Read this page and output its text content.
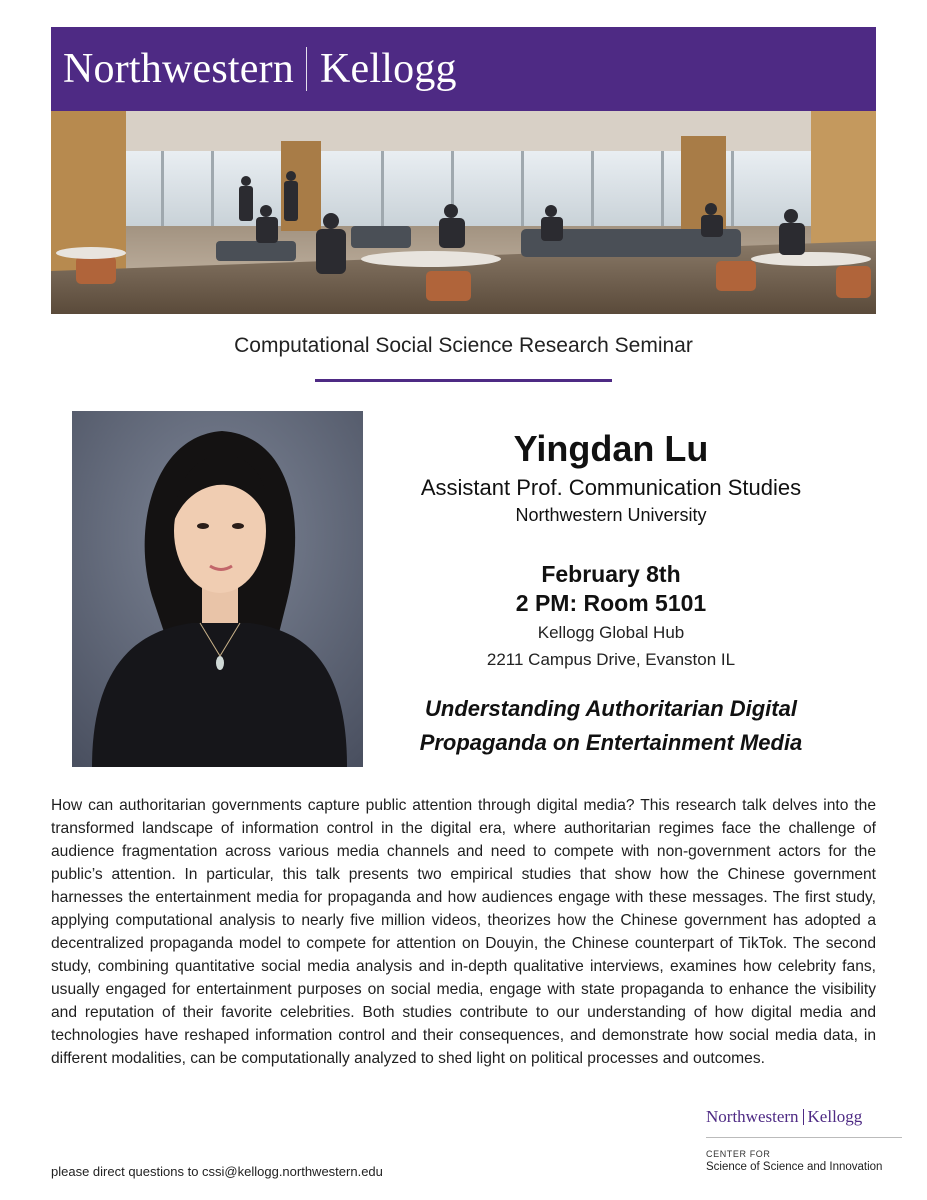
Northwestern Kellogg
Computational Social Science Research Seminar
Yingdan Lu
Assistant Prof. Communication Studies
Northwestern University
February 8th
2 PM: Room 5101
Kellogg Global Hub
2211 Campus Drive, Evanston IL
Understanding Authoritarian Digital
Propaganda on Entertainment Media

How can authoritarian governments capture public attention through digital media? This research talk delves into the transformed landscape of information control in the digital era, where authoritarian regimes face the challenge of audience fragmentation across various media channels and need to compete with non-government actors for the public’s attention. In particular, this talk presents two empirical studies that show how the Chinese government harnesses the entertainment media for propaganda and how audiences engage with these messages. The first study, applying computational analysis to nearly five million videos, theorizes how the Chinese government has adopted a decentralized propaganda model to compete for attention on Douyin, the Chinese counterpart of TikTok. The second study, combining quantitative social media analysis and in-depth qualitative interviews, examines how celebrity fans, usually engaged for entertainment purposes on social media, engage with state propaganda to enhance the visibility and reputation of their favorite celebrities. Both studies contribute to our understanding of how digital media and technologies have reshaped information control and their consequences, and demonstrate how social media data, in different modalities, can be computationally analyzed to shed light on political processes and outcomes.

Northwestern Kellogg
CENTER FOR
Science of Science and Innovation
please direct questions to cssi@kellogg.northwestern.edu
